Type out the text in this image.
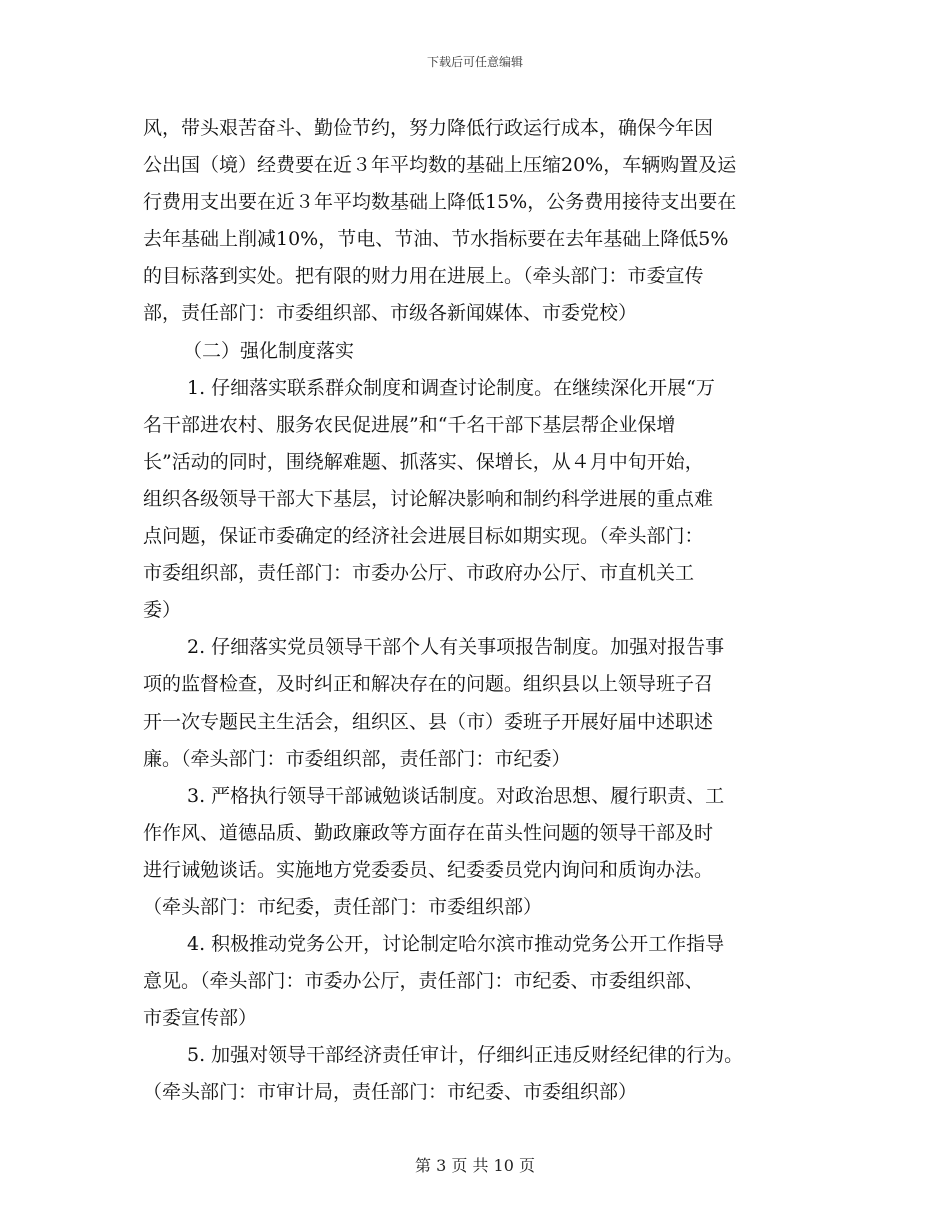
下载后可任意编辑
风，带头艰苦奋斗、勤俭节约，努力降低行政运行成本，确保今年因
公出国（境）经费要在近３年平均数的基础上压缩20%，车辆购置及运
行费用支出要在近３年平均数基础上降低15%，公务费用接待支出要在
去年基础上削减10%，节电、节油、节水指标要在去年基础上降低5%
的目标落到实处。把有限的财力用在进展上。（牵头部门：市委宣传
部，责任部门：市委组织部、市级各新闻媒体、市委党校）
（二）强化制度落实
1. 仔细落实联系群众制度和调查讨论制度。在继续深化开展“万
名干部进农村、服务农民促进展”和“千名干部下基层帮企业保增
长”活动的同时，围绕解难题、抓落实、保增长，从４月中旬开始，
组织各级领导干部大下基层，讨论解决影响和制约科学进展的重点难
点问题，保证市委确定的经济社会进展目标如期实现。（牵头部门：
市委组织部，责任部门：市委办公厅、市政府办公厅、市直机关工
委）
2. 仔细落实党员领导干部个人有关事项报告制度。加强对报告事
项的监督检查，及时纠正和解决存在的问题。组织县以上领导班子召
开一次专题民主生活会，组织区、县（市）委班子开展好届中述职述
廉。（牵头部门：市委组织部，责任部门：市纪委）
3. 严格执行领导干部诫勉谈话制度。对政治思想、履行职责、工
作作风、道德品质、勤政廉政等方面存在苗头性问题的领导干部及时
进行诫勉谈话。实施地方党委委员、纪委委员党内询问和质询办法。
（牵头部门：市纪委，责任部门：市委组织部）
4. 积极推动党务公开，讨论制定哈尔滨市推动党务公开工作指导
意见。（牵头部门：市委办公厅，责任部门：市纪委、市委组织部、
市委宣传部）
5. 加强对领导干部经济责任审计，仔细纠正违反财经纪律的行为。
（牵头部门：市审计局，责任部门：市纪委、市委组织部）
第 3 页 共 10 页
